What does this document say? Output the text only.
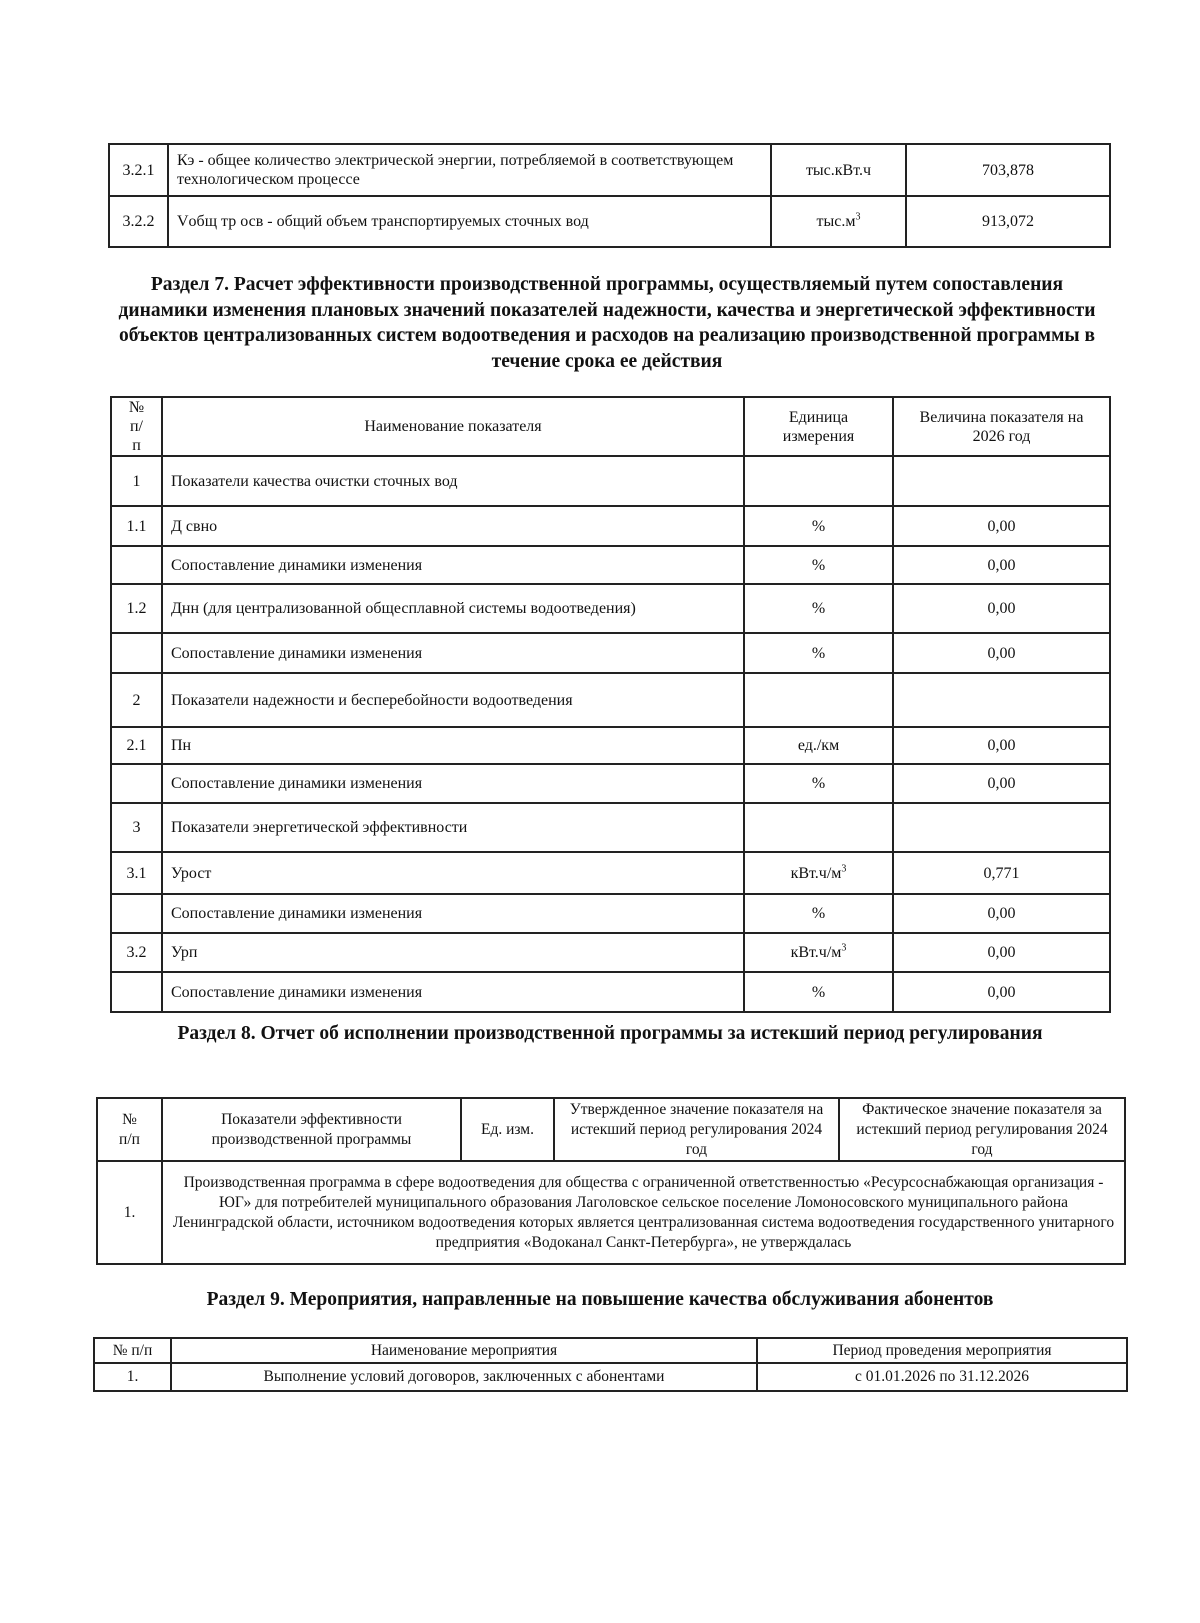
3.2.1	Кэ - общее количество электрической энергии, потребляемой в соответствующем технологическом процессе	тыс.кВт.ч	703,878
3.2.2	Vобщ тр осв - общий объем транспортируемых сточных вод	$тыс.м^3$	913,072
Раздел 7. Расчет эффективности производственной программы, осуществляемый путем сопоставления динамики изменения плановых значений показателей надежности, качества и энергетической эффективности объектов централизованных систем водоотведения и расходов на реализацию производственной программы в течение срока ее действия
№ п/п	Наименование показателя	Единица измерения	Величина показателя на 2026 год
1	Показатели качества очистки сточных вод		
1.1	Д свно	%	0,00
	Сопоставление динамики изменения	%	0,00
1.2	Днн (для централизованной общесплавной системы водоотведения)	%	0,00
	Сопоставление динамики изменения	%	0,00
2	Показатели надежности и бесперебойности водоотведения		
2.1	Пн	ед./км	0,00
	Сопоставление динамики изменения	%	0,00
3	Показатели энергетической эффективности		
3.1	Урост	$кВт.ч/м^3$	0,771
	Сопоставление динамики изменения	%	0,00
3.2	Урп	$кВт.ч/м^3$	0,00
	Сопоставление динамики изменения	%	0,00
Раздел 8. Отчет об исполнении производственной программы за истекший период регулирования
№ п/п	Показатели эффективности производственной программы	Ед. изм.	Утвержденное значение показателя на истекший период регулирования 2024 год	Фактическое значение показателя за истекший период регулирования 2024 год
1.	Производственная программа в сфере водоотведения для общества с ограниченной ответственностью «Ресурсоснабжающая организация - ЮГ» для потребителей муниципального образования Лаголовское сельское поселение Ломоносовского муниципального района Ленинградской области, источником водоотведения которых является централизованная система водоотведения государственного унитарного предприятия «Водоканал Санкт-Петербурга», не утверждалась			
Раздел 9. Мероприятия, направленные на повышение качества обслуживания абонентов
№ п/п	Наименование мероприятия	Период проведения мероприятия
1.	Выполнение условий договоров, заключенных с абонентами	с 01.01.2026 по 31.12.2026
